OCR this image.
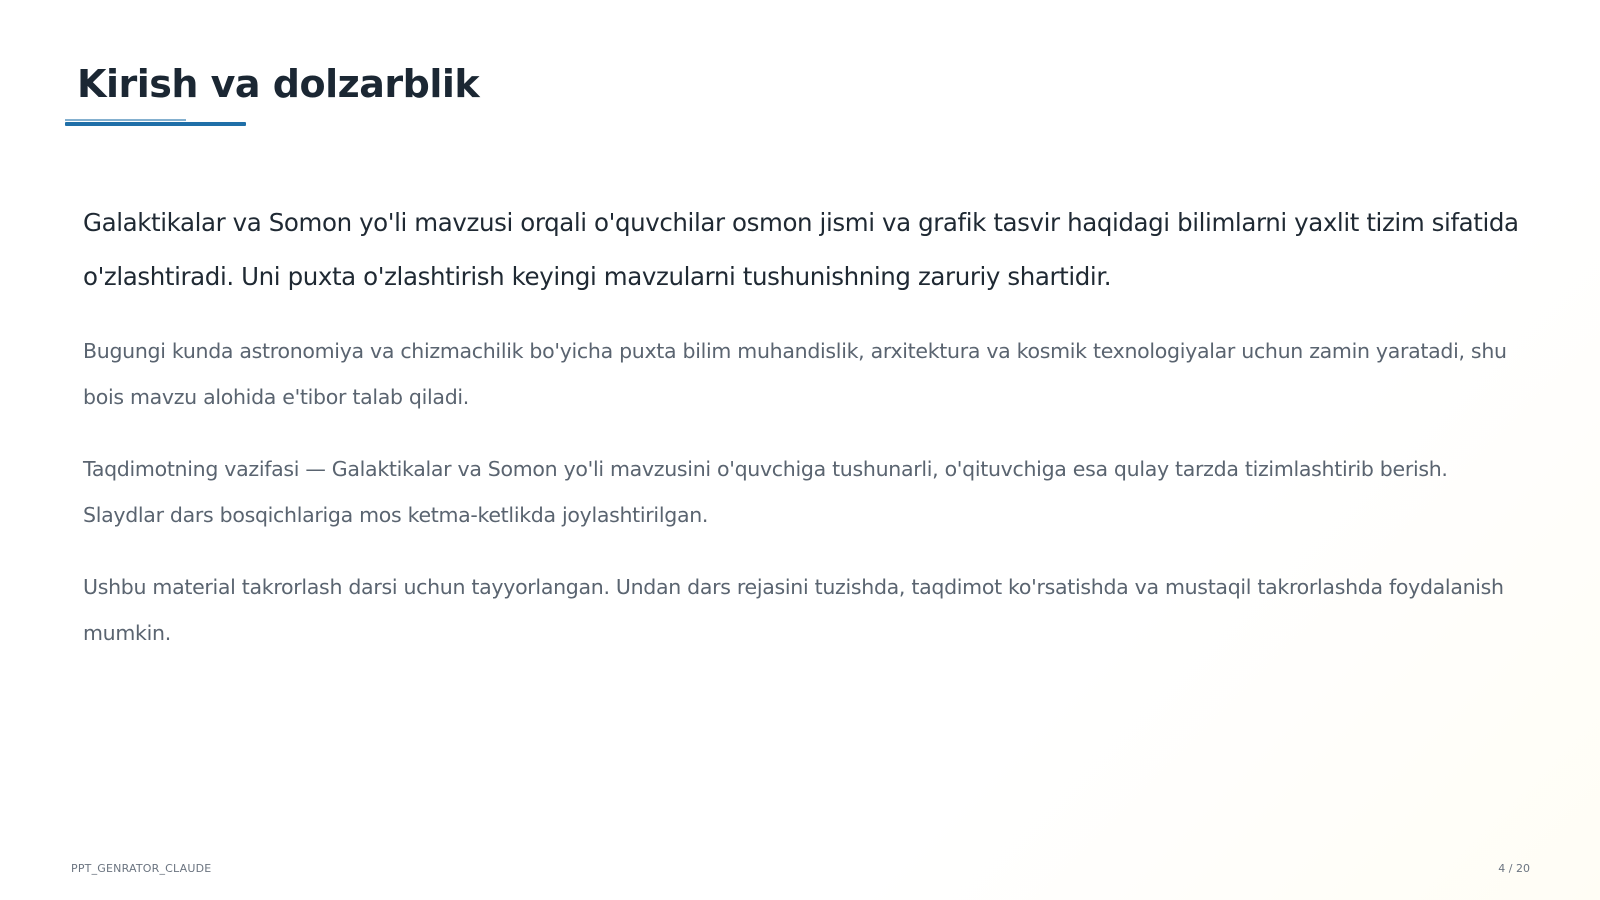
Kirish va dolzarblik

Galaktikalar va Somon yo'li mavzusi orqali o'quvchilar osmon jismi va grafik tasvir haqidagi bilimlarni yaxlit tizim sifatida o'zlashtiradi. Uni puxta o'zlashtirish keyingi mavzularni tushunishning zaruriy shartidir.

Bugungi kunda astronomiya va chizmachilik bo'yicha puxta bilim muhandislik, arxitektura va kosmik texnologiyalar uchun zamin yaratadi, shu bois mavzu alohida e'tibor talab qiladi.

Taqdimotning vazifasi — Galaktikalar va Somon yo'li mavzusini o'quvchiga tushunarli, o'qituvchiga esa qulay tarzda tizimlashtirib berish. Slaydlar dars bosqichlariga mos ketma-ketlikda joylashtirilgan.

Ushbu material takrorlash darsi uchun tayyorlangan. Undan dars rejasini tuzishda, taqdimot ko'rsatishda va mustaqil takrorlashda foydalanish mumkin.

PPT_GENRATOR_CLAUDE	4 / 20
